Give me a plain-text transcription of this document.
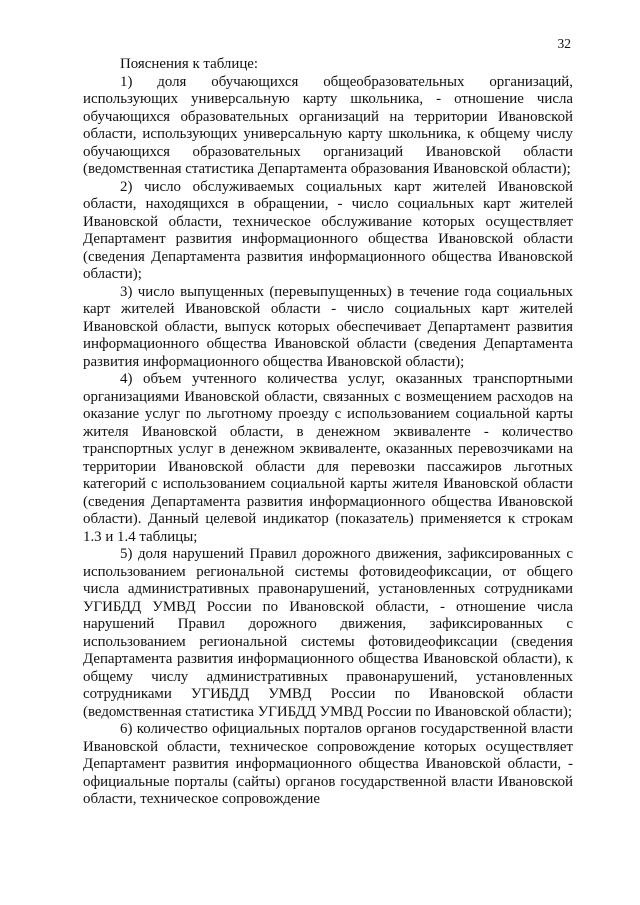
32

Пояснения к таблице:

1) доля обучающихся общеобразовательных организаций, использующих универсальную карту школьника, - отношение числа обучающихся образовательных организаций на территории Ивановской области, использующих универсальную карту школьника, к общему числу обучающихся образовательных организаций Ивановской области (ведомственная статистика Департамента образования Ивановской области);

2) число обслуживаемых социальных карт жителей Ивановской области, находящихся в обращении, - число социальных карт жителей Ивановской области, техническое обслуживание которых осуществляет Департамент развития информационного общества Ивановской области (сведения Департамента развития информационного общества Ивановской области);

3) число выпущенных (перевыпущенных) в течение года социальных карт жителей Ивановской области - число социальных карт жителей Ивановской области, выпуск которых обеспечивает Департамент развития информационного общества Ивановской области (сведения Департамента развития информационного общества Ивановской области);

4) объем учтенного количества услуг, оказанных транспортными организациями Ивановской области, связанных с возмещением расходов на оказание услуг по льготному проезду с использованием социальной карты жителя Ивановской области, в денежном эквиваленте - количество транспортных услуг в денежном эквиваленте, оказанных перевозчиками на территории Ивановской области для перевозки пассажиров льготных категорий с использованием социальной карты жителя Ивановской области (сведения Департамента развития информационного общества Ивановской области). Данный целевой индикатор (показатель) применяется к строкам 1.3 и 1.4 таблицы;

5) доля нарушений Правил дорожного движения, зафиксированных с использованием региональной системы фотовидеофиксации, от общего числа административных правонарушений, установленных сотрудниками УГИБДД УМВД России по Ивановской области, - отношение числа нарушений Правил дорожного движения, зафиксированных с использованием региональной системы фотовидеофиксации (сведения Департамента развития информационного общества Ивановской области), к общему числу административных правонарушений, установленных сотрудниками УГИБДД УМВД России по Ивановской области (ведомственная статистика УГИБДД УМВД России по Ивановской области);

6) количество официальных порталов органов государственной власти Ивановской области, техническое сопровождение которых осуществляет Департамент развития информационного общества Ивановской области, - официальные порталы (сайты) органов государственной власти Ивановской области, техническое сопровождение
